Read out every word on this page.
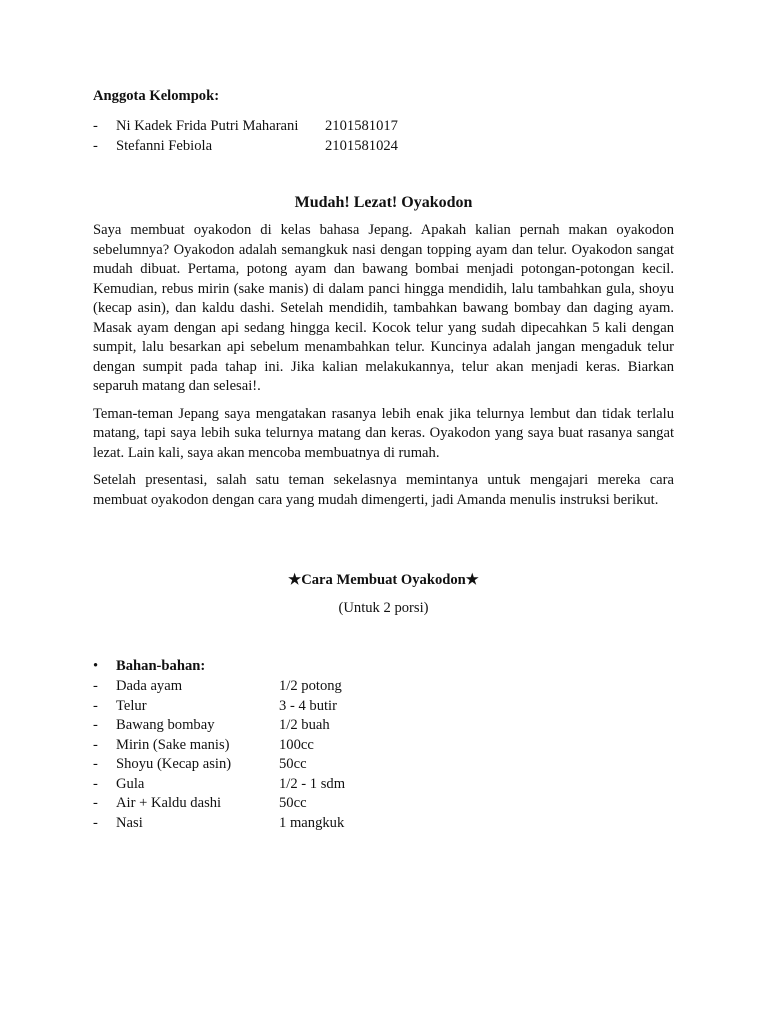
Anggota Kelompok:

-	Ni Kadek Frida Putri Maharani	2101581017
-	Stefanni Febiola	2101581024
Mudah! Lezat! Oyakodon

Saya membuat oyakodon di kelas bahasa Jepang. Apakah kalian pernah makan oyakodon sebelumnya? Oyakodon adalah semangkuk nasi dengan topping ayam dan telur. Oyakodon sangat mudah dibuat. Pertama, potong ayam dan bawang bombai menjadi potongan-potongan kecil. Kemudian, rebus mirin (sake manis) di dalam panci hingga mendidih, lalu tambahkan gula, shoyu (kecap asin), dan kaldu dashi. Setelah mendidih, tambahkan bawang bombay dan daging ayam. Masak ayam dengan api sedang hingga kecil. Kocok telur yang sudah dipecahkan 5 kali dengan sumpit, lalu besarkan api sebelum menambahkan telur. Kuncinya adalah jangan mengaduk telur dengan sumpit pada tahap ini. Jika kalian melakukannya, telur akan menjadi keras. Biarkan separuh matang dan selesai!.

Teman-teman Jepang saya mengatakan rasanya lebih enak jika telurnya lembut dan tidak terlalu matang, tapi saya lebih suka telurnya matang dan keras. Oyakodon yang saya buat rasanya sangat lezat. Lain kali, saya akan mencoba membuatnya di rumah.

Setelah presentasi, salah satu teman sekelasnya memintanya untuk mengajari mereka cara membuat oyakodon dengan cara yang mudah dimengerti, jadi Amanda menulis instruksi berikut.

★Cara Membuat Oyakodon★

(Untuk 2 porsi)

•	Bahan-bahan:

-	Dada ayam	1/2 potong
-	Telur	3 - 4 butir
-	Bawang bombay	1/2 buah
-	Mirin (Sake manis)	100cc
-	Shoyu (Kecap asin)	50cc
-	Gula	1/2 - 1 sdm
-	Air + Kaldu dashi	50cc
-	Nasi	1 mangkuk
